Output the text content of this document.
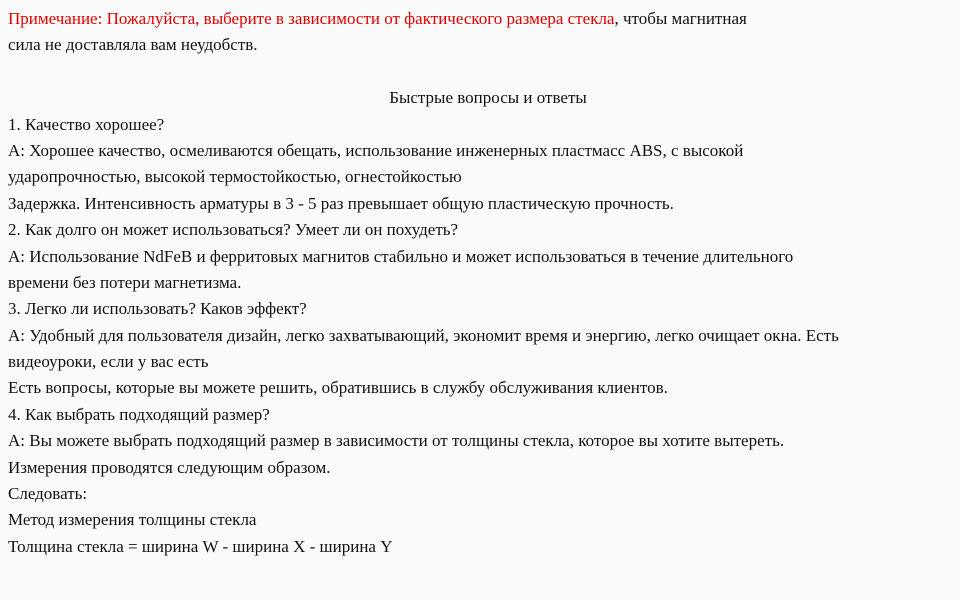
Примечание: Пожалуйста, выберите в зависимости от фактического размера стекла, чтобы магнитная
сила не доставляла вам неудобств.
Быстрые вопросы и ответы
1. Качество хорошее?
A: Хорошее качество, осмеливаются обещать, использование инженерных пластмасс ABS, с высокой
ударопрочностью, высокой термостойкостью, огнестойкостью
Задержка. Интенсивность арматуры в 3 - 5 раз превышает общую пластическую прочность.
2. Как долго он может использоваться? Умеет ли он похудеть?
A: Использование NdFeB и ферритовых магнитов стабильно и может использоваться в течение длительного
времени без потери магнетизма.
3. Легко ли использовать? Каков эффект?
A: Удобный для пользователя дизайн, легко захватывающий, экономит время и энергию, легко очищает окна. Есть
видеоуроки, если у вас есть
Есть вопросы, которые вы можете решить, обратившись в службу обслуживания клиентов.
4. Как выбрать подходящий размер?
A: Вы можете выбрать подходящий размер в зависимости от толщины стекла, которое вы хотите вытереть.
Измерения проводятся следующим образом.
Следовать:
Метод измерения толщины стекла
Толщина стекла = ширина W - ширина X - ширина Y
